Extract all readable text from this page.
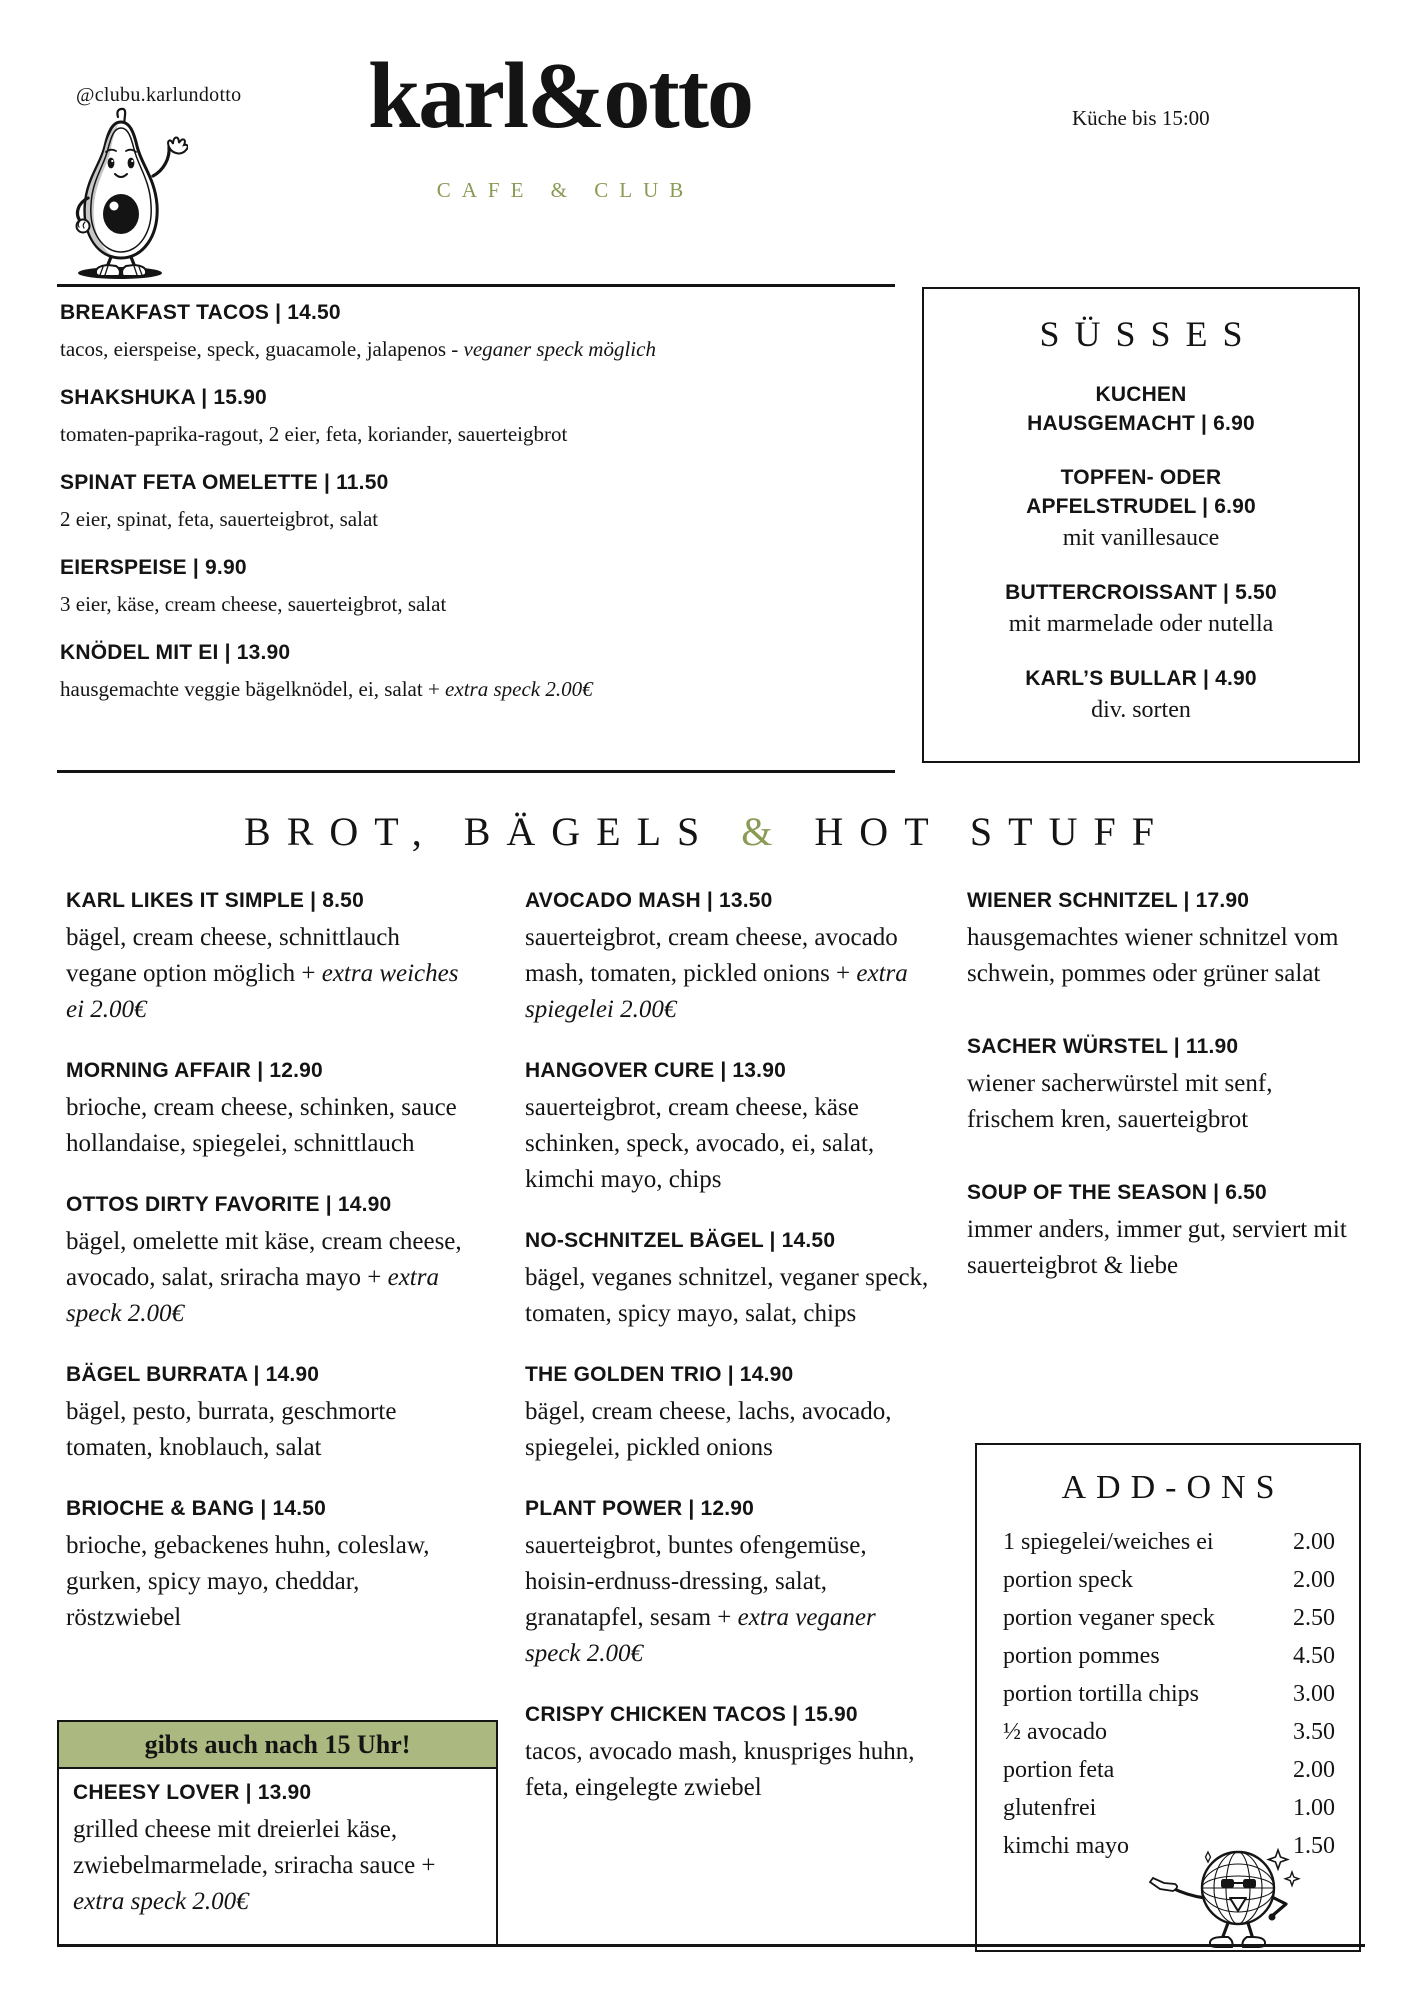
@clubu.karlundotto	karl&otto
CAFE & CLUB
Küche bis 15:00
BREAKFAST TACOS | 14.50
tacos, eierspeise, speck, guacamole, jalapenos - veganer speck möglich
SHAKSHUKA | 15.90
tomaten-paprika-ragout, 2 eier, feta, koriander, sauerteigbrot
SPINAT FETA OMELETTE | 11.50
2 eier, spinat, feta, sauerteigbrot, salat
EIERSPEISE | 9.90
3 eier, käse, cream cheese, sauerteigbrot, salat
KNÖDEL MIT EI | 13.90
hausgemachte veggie bägelknödel, ei, salat + extra speck 2.00€
SÜSSES
KUCHEN
HAUSGEMACHT | 6.90
TOPFEN- ODER
APFELSTRUDEL | 6.90
mit vanillesauce
BUTTERCROISSANT | 5.50
mit marmelade oder nutella
KARL’S BULLAR | 4.90
div. sorten
BROT, BÄGELS & HOT STUFF
KARL LIKES IT SIMPLE | 8.50
bägel, cream cheese, schnittlauch vegane option möglich + extra weiches ei 2.00€
MORNING AFFAIR | 12.90
brioche, cream cheese, schinken, sauce hollandaise, spiegelei, schnittlauch
OTTOS DIRTY FAVORITE | 14.90
bägel, omelette mit käse, cream cheese, avocado, salat, sriracha mayo + extra speck 2.00€
BÄGEL BURRATA | 14.90
bägel, pesto, burrata, geschmorte tomaten, knoblauch, salat
BRIOCHE & BANG | 14.50
brioche, gebackenes huhn, coleslaw, gurken, spicy mayo, cheddar, röstzwiebel
AVOCADO MASH | 13.50
sauerteigbrot, cream cheese, avocado mash, tomaten, pickled onions + extra spiegelei 2.00€
HANGOVER CURE | 13.90
sauerteigbrot, cream cheese, käse schinken, speck, avocado, ei, salat, kimchi mayo, chips
NO-SCHNITZEL BÄGEL | 14.50
bägel, veganes schnitzel, veganer speck, tomaten, spicy mayo, salat, chips
THE GOLDEN TRIO | 14.90
bägel, cream cheese, lachs, avocado, spiegelei, pickled onions
PLANT POWER | 12.90
sauerteigbrot, buntes ofengemüse, hoisin-erdnuss-dressing, salat, granatapfel, sesam + extra veganer speck 2.00€
CRISPY CHICKEN TACOS | 15.90
tacos, avocado mash, knuspriges huhn, feta, eingelegte zwiebel
WIENER SCHNITZEL | 17.90
hausgemachtes wiener schnitzel vom schwein, pommes oder grüner salat
SACHER WÜRSTEL | 11.90
wiener sacherwürstel mit senf, frischem kren, sauerteigbrot
SOUP OF THE SEASON | 6.50
immer anders, immer gut, serviert mit sauerteigbrot & liebe
ADD-ONS
1 spiegelei/weiches ei	2.00
portion speck	2.00
portion veganer speck	2.50
portion pommes	4.50
portion tortilla chips	3.00
½ avocado	3.50
portion feta	2.00
glutenfrei	1.00
kimchi mayo	1.50
gibts auch nach 15 Uhr!
CHEESY LOVER | 13.90
grilled cheese mit dreierlei käse, zwiebelmarmelade, sriracha sauce + extra speck 2.00€
